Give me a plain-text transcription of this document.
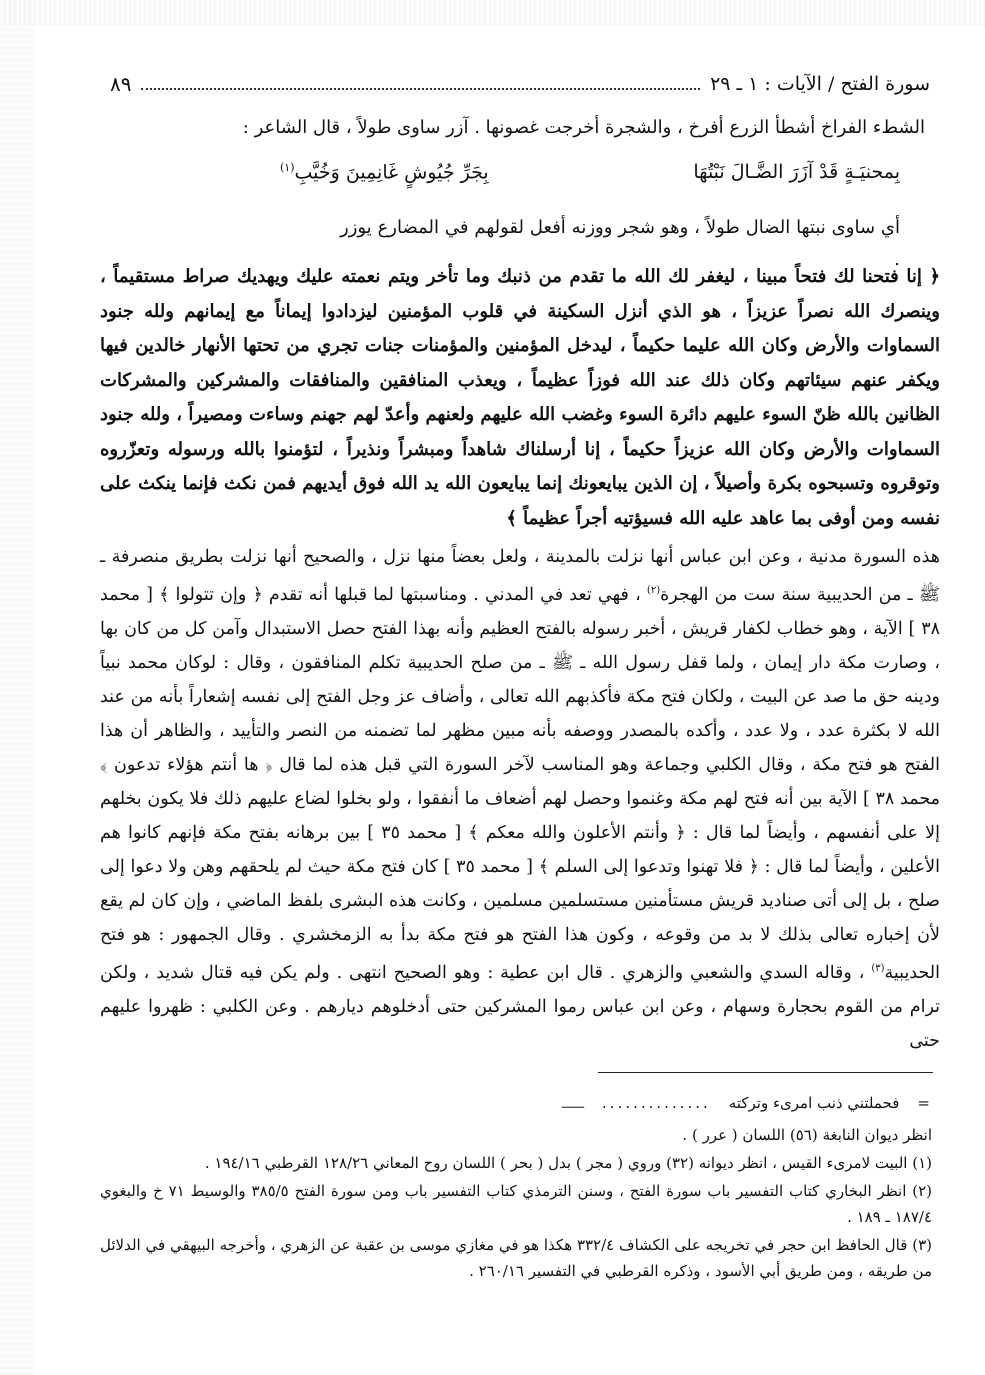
سورة الفتح / الآيات : ١ ـ ٢٩
٨٩

الشطء الفراخ أشطأ الزرع أفرخ ، والشجرة أخرجت غصونها . آزر ساوى طولاً ، قال الشاعر :

بِمحنيَـةٍ قَدْ آزَرَ الضَّـالَ نَبْتُهَا
بِجَرِّ جُيُوشٍ غَانِمِينَ وَخُيَّبِ$^{(١)}$

أي ساوى نبتها الضال طولاً ، وهو شجر ووزنه أفعل لقولهم في المضارع يوزر .

﴿ إنا فتحنا لك فتحاً مبينا ، ليغفر لك الله ما تقدم من ذنبك وما تأخر ويتم نعمته عليك ويهديك صراط مستقيماً ، وينصرك الله نصراً عزيزاً ، هو الذي أنزل السكينة في قلوب المؤمنين ليزدادوا إيماناً مع إيمانهم ولله جنود السماوات والأرض وكان الله عليما حكيماً ، ليدخل المؤمنين والمؤمنات جنات تجري من تحتها الأنهار خالدين فيها ويكفر عنهم سيئاتهم وكان ذلك عند الله فوزاً عظيماً ، ويعذب المنافقين والمنافقات والمشركين والمشركات الظانين بالله ظنّ السوء عليهم دائرة السوء وغضب الله عليهم ولعنهم وأعدّ لهم جهنم وساءت ومصيراً ، ولله جنود السماوات والأرض وكان الله عزيزاً حكيماً ، إنا أرسلناك شاهداً ومبشراً ونذيراً ، لتؤمنوا بالله ورسوله وتعزّروه وتوقروه وتسبحوه بكرة وأصيلاً ، إن الذين يبايعونك إنما يبايعون الله يد الله فوق أيديهم فمن نكث فإنما ينكث على نفسه ومن أوفى بما عاهد عليه الله فسيؤتيه أجراً عظيماً ﴾

هذه السورة مدنية ، وعن ابن عباس أنها نزلت بالمدينة ، ولعل بعضاً منها نزل ، والصحيح أنها نزلت بطريق منصرفة ـ ﷺ ـ من الحديبية سنة ست من الهجرة$^{(٢)}$ ، فهي تعد في المدني . ومناسبتها لما قبلها أنه تقدم ﴿ وإن تتولوا ﴾ [ محمد ٣٨ ] الآية ، وهو خطاب لكفار قريش ، أخبر رسوله بالفتح العظيم وأنه بهذا الفتح حصل الاستبدال وآمن كل من كان بها ، وصارت مكة دار إيمان ، ولما قفل رسول الله ـ ﷺ ـ من صلح الحديبية تكلم المنافقون ، وقال : لوكان محمد نبياً ودينه حق ما صد عن البيت ، ولكان فتح مكة فأكذبهم الله تعالى ، وأضاف عز وجل الفتح إلى نفسه إشعاراً بأنه من عند الله لا بكثرة عدد ، ولا عدد ، وأكده بالمصدر ووصفه بأنه مبين مظهر لما تضمنه من النصر والتأييد ، والظاهر أن هذا الفتح هو فتح مكة ، وقال الكلبي وجماعة وهو المناسب لآخر السورة التي قبل هذه لما قال ﴿ ها أنتم هؤلاء تدعون ﴾ محمد ٣٨ ] الآية بين أنه فتح لهم مكة وغنموا وحصل لهم أضعاف ما أنفقوا ، ولو بخلوا لضاع عليهم ذلك فلا يكون بخلهم إلا على أنفسهم ، وأيضاً لما قال : ﴿ وأنتم الأعلون والله معكم ﴾ [ محمد ٣٥ ] بين برهانه بفتح مكة فإنهم كانوا هم الأعلين ، وأيضاً لما قال : ﴿ فلا تهنوا وتدعوا إلى السلم ﴾ [ محمد ٣٥ ] كان فتح مكة حيث لم يلحقهم وهن ولا دعوا إلى صلح ، بل إلى أتى صناديد قريش مستأمنين مستسلمين مسلمين ، وكانت هذه البشرى بلفظ الماضي ، وإن كان لم يقع لأن إخباره تعالى بذلك لا بد من وقوعه ، وكون هذا الفتح هو فتح مكة بدأ به الزمخشري . وقال الجمهور : هو فتح الحديبية$^{(٣)}$ ، وقاله السدي والشعبي والزهري . قال ابن عطية : وهو الصحيح انتهى . ولم يكن فيه قتال شديد ، ولكن ترام من القوم بحجارة وسهام ، وعن ابن عباس رموا المشركين حتى أدخلوهم ديارهم . وعن الكلبي : ظهروا عليهم حتى

=
فحملتني ذنب امرىء وتركته
..............
ـــــ

انظر ديوان النابغة (٥٦) اللسان ( عرر ) .

(١) البيت لامرىء القيس ، انظر ديوانه (٣٢) وروي ( مجر ) بدل ( بحر ) اللسان روح المعاني ١٢٨/٢٦ القرطبي ١٩٤/١٦ .

(٢) انظر البخاري كتاب التفسير باب سورة الفتح ، وسنن الترمذي كتاب التفسير باب ومن سورة الفتح ٣٨٥/٥ والوسيط ٧١ خ والبغوي ١٨٧/٤ ـ ١٨٩ .

(٣) قال الحافظ ابن حجر في تخريجه على الكشاف ٣٣٢/٤ هكذا هو في مغازي موسى بن عقبة عن الزهري ، وأخرجه البيهقي في الدلائل من طريقه ، ومن طريق أبي الأسود ، وذكره القرطبي في التفسير ٢٦٠/١٦ .
